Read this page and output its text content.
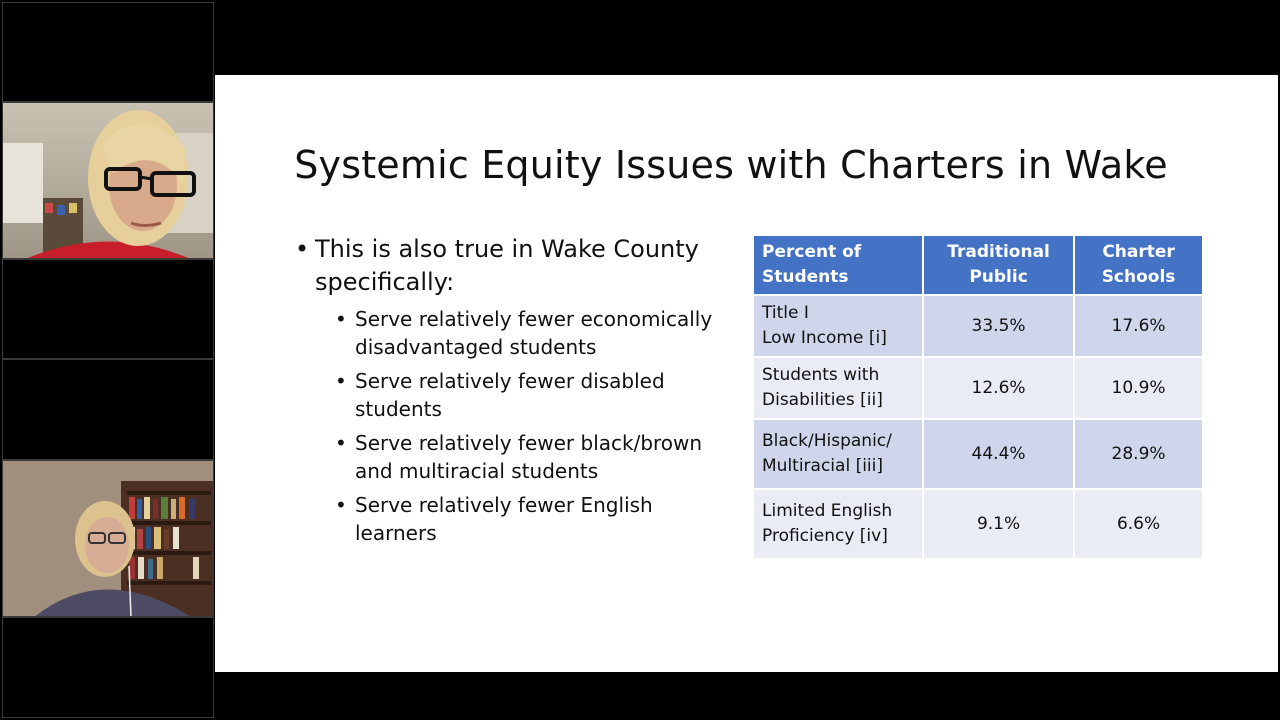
Systemic Equity Issues with Charters in Wake
• This is also true in Wake County specifically:
• Serve relatively fewer economically disadvantaged students
• Serve relatively fewer disabled students
• Serve relatively fewer black/brown and multiracial students
• Serve relatively fewer English learners
Percent of Students	Traditional Public	Charter Schools

Title I
Low Income [i]	33.5%	17.6%

Students with
Disabilities [ii]	12.6%	10.9%

Black/Hispanic/
Multiracial [iii]	44.4%	28.9%

Limited English
Proficiency [iv]	9.1%	6.6%
